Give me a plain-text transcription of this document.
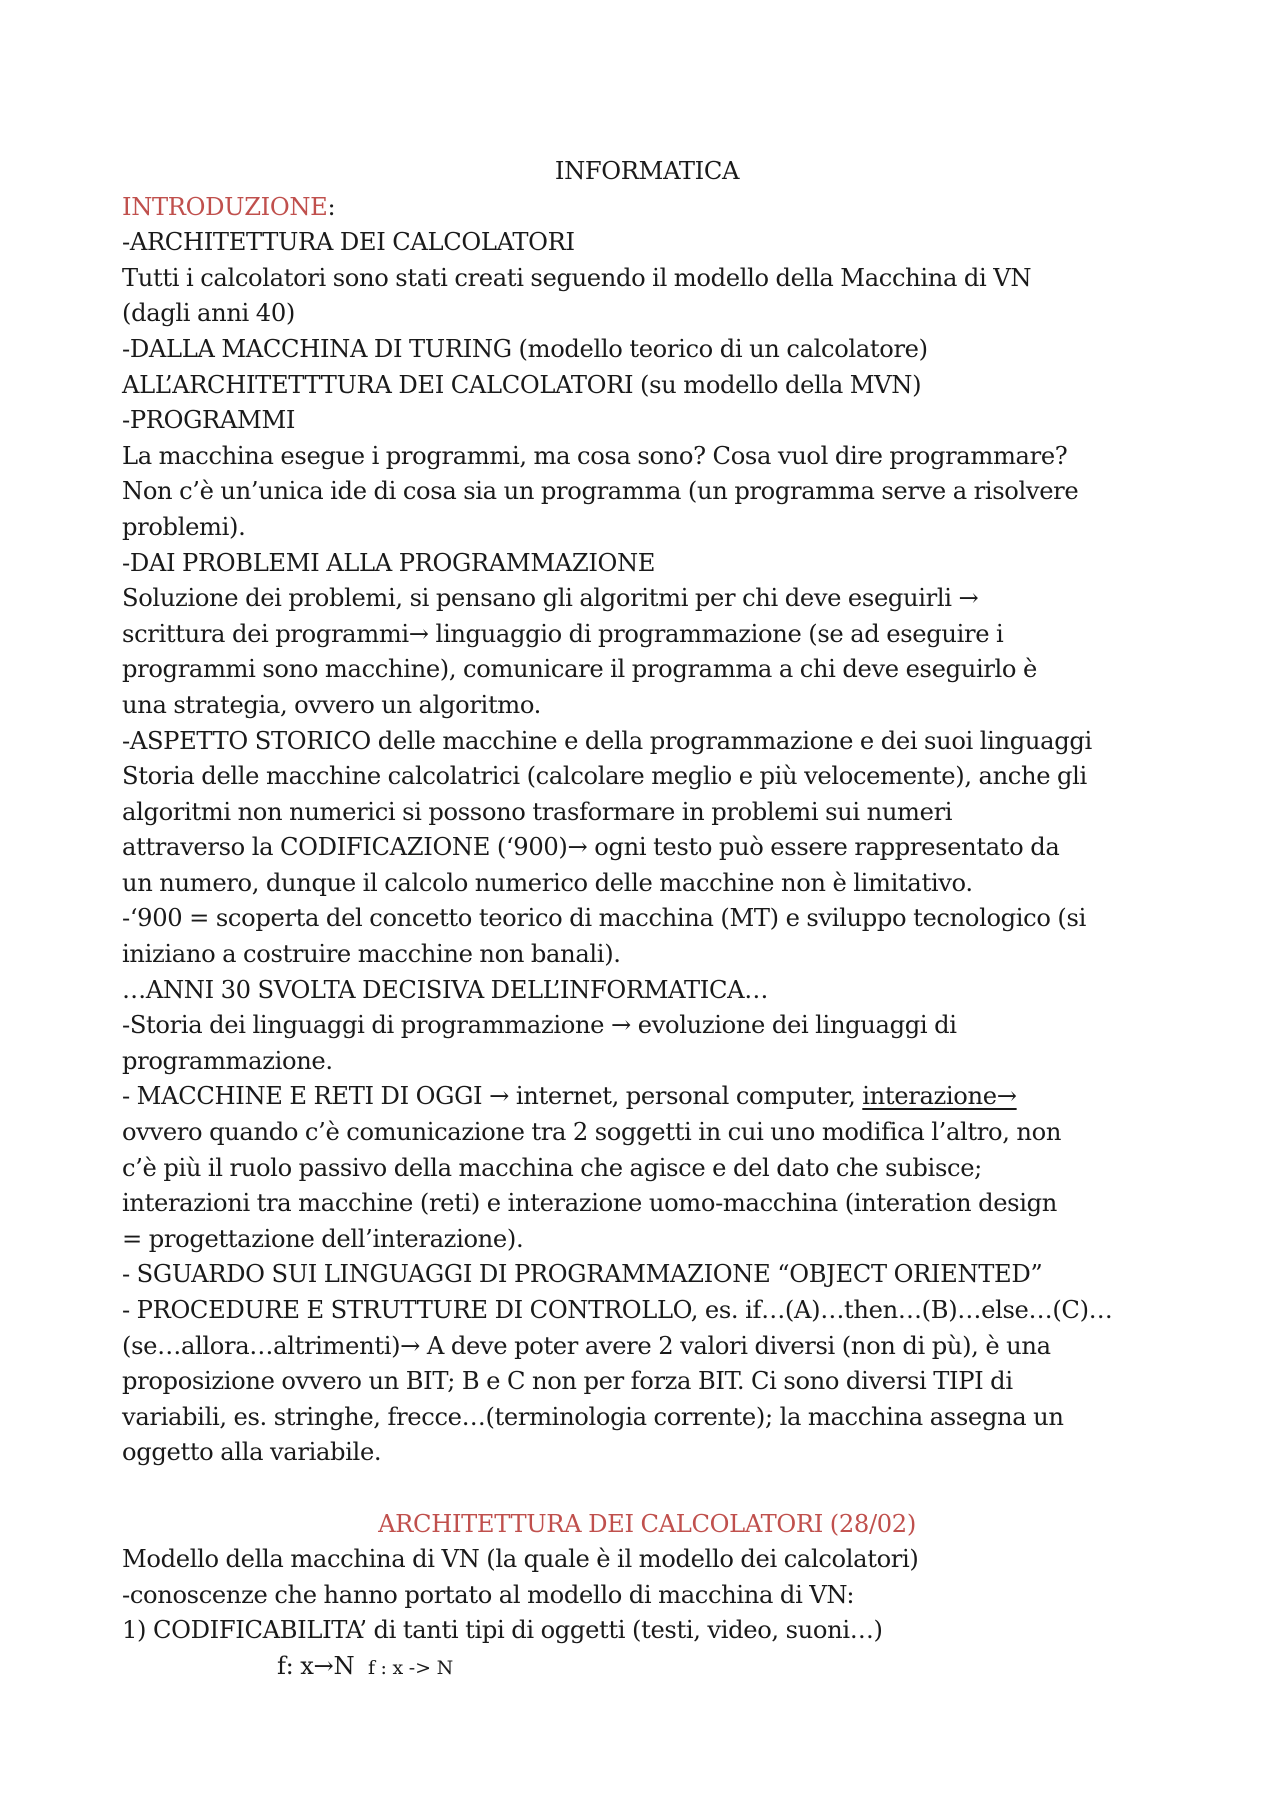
INFORMATICA
INTRODUZIONE:
-ARCHITETTURA DEI CALCOLATORI
Tutti i calcolatori sono stati creati seguendo il modello della Macchina di VN
(dagli anni 40)
-DALLA MACCHINA DI TURING (modello teorico di un calcolatore)
ALL’ARCHITETTTURA DEI CALCOLATORI (su modello della MVN)
-PROGRAMMI
La macchina esegue i programmi, ma cosa sono? Cosa vuol dire programmare?
Non c’è un’unica ide di cosa sia un programma (un programma serve a risolvere
problemi).
-DAI PROBLEMI ALLA PROGRAMMAZIONE
Soluzione dei problemi, si pensano gli algoritmi per chi deve eseguirli →
scrittura dei programmi→ linguaggio di programmazione (se ad eseguire i
programmi sono macchine), comunicare il programma a chi deve eseguirlo è
una strategia, ovvero un algoritmo.
-ASPETTO STORICO delle macchine e della programmazione e dei suoi linguaggi
Storia delle macchine calcolatrici (calcolare meglio e più velocemente), anche gli
algoritmi non numerici si possono trasformare in problemi sui numeri
attraverso la CODIFICAZIONE (‘900)→ ogni testo può essere rappresentato da
un numero, dunque il calcolo numerico delle macchine non è limitativo.
-‘900 = scoperta del concetto teorico di macchina (MT) e sviluppo tecnologico (si
iniziano a costruire macchine non banali).
…ANNI 30 SVOLTA DECISIVA DELL’INFORMATICA…
-Storia dei linguaggi di programmazione → evoluzione dei linguaggi di
programmazione.
- MACCHINE E RETI DI OGGI → internet, personal computer, interazione→
ovvero quando c’è comunicazione tra 2 soggetti in cui uno modifica l’altro, non
c’è più il ruolo passivo della macchina che agisce e del dato che subisce;
interazioni tra macchine (reti) e interazione uomo-macchina (interation design
= progettazione dell’interazione).
- SGUARDO SUI LINGUAGGI DI PROGRAMMAZIONE “OBJECT ORIENTED”
- PROCEDURE E STRUTTURE DI CONTROLLO, es. if…(A)…then…(B)…else…(C)…
(se…allora…altrimenti)→ A deve poter avere 2 valori diversi (non di pù), è una
proposizione ovvero un BIT; B e C non per forza BIT. Ci sono diversi TIPI di
variabili, es. stringhe, frecce…(terminologia corrente); la macchina assegna un
oggetto alla variabile.
ARCHITETTURA DEI CALCOLATORI (28/02)
Modello della macchina di VN (la quale è il modello dei calcolatori)
-conoscenze che hanno portato al modello di macchina di VN:
1) CODIFICABILITA’ di tanti tipi di oggetti (testi, video, suoni…)
f: x→N f : x -> N
